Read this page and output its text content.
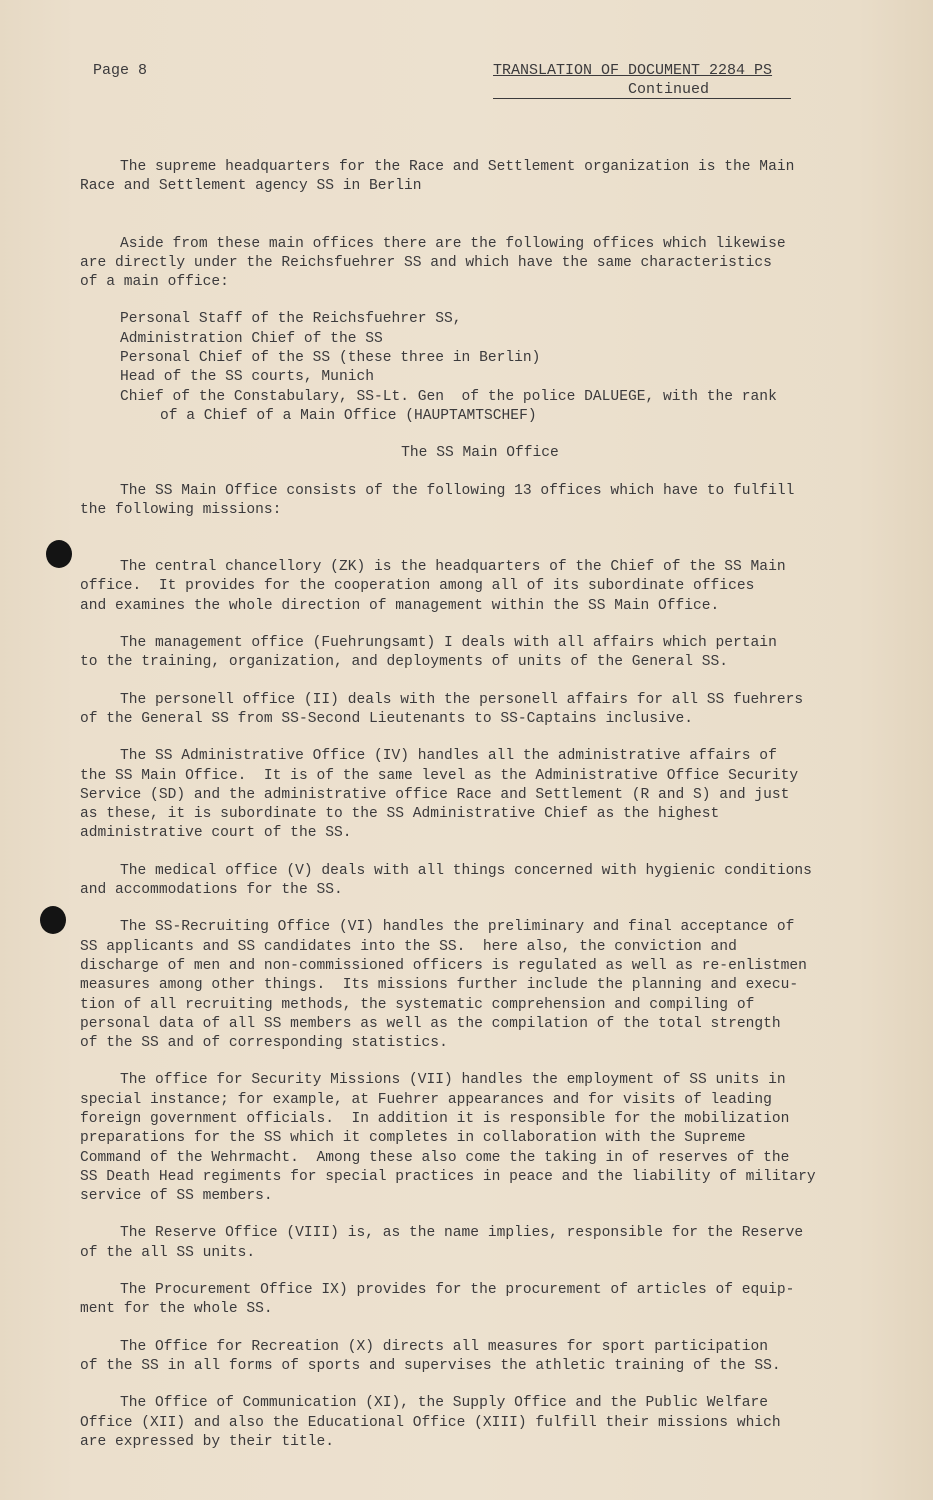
Page 8	TRANSLATION OF DOCUMENT 2284 PS
Continued

The supreme headquarters for the Race and Settlement organization is the Main

Race and Settlement agency SS in Berlin

Aside from these main offices there are the following offices which likewise

are directly under the Reichsfuehrer SS and which have the same characteristics

of a main office:

Personal Staff of the Reichsfuehrer SS,

Administration Chief of the SS

Personal Chief of the SS (these three in Berlin)

Head of the SS courts, Munich

Chief of the Constabulary, SS-Lt. Gen  of the police DALUEGE, with the rank

of a Chief of a Main Office (HAUPTAMTSCHEF)

The SS Main Office

The SS Main Office consists of the following 13 offices which have to fulfill

the following missions:

The central chancellory (ZK) is the headquarters of the Chief of the SS Main

office.  It provides for the cooperation among all of its subordinate offices

and examines the whole direction of management within the SS Main Office.

The management office (Fuehrungsamt) I deals with all affairs which pertain

to the training, organization, and deployments of units of the General SS.

The personell office (II) deals with the personell affairs for all SS fuehrers

of the General SS from SS-Second Lieutenants to SS-Captains inclusive.

The SS Administrative Office (IV) handles all the administrative affairs of

the SS Main Office.  It is of the same level as the Administrative Office Security

Service (SD) and the administrative office Race and Settlement (R and S) and just

as these, it is subordinate to the SS Administrative Chief as the highest

administrative court of the SS.

The medical office (V) deals with all things concerned with hygienic conditions

and accommodations for the SS.

The SS-Recruiting Office (VI) handles the preliminary and final acceptance of

SS applicants and SS candidates into the SS.  here also, the conviction and

discharge of men and non-commissioned officers is regulated as well as re-enlistmen

measures among other things.  Its missions further include the planning and execu-

tion of all recruiting methods, the systematic comprehension and compiling of

personal data of all SS members as well as the compilation of the total strength

of the SS and of corresponding statistics.

The office for Security Missions (VII) handles the employment of SS units in

special instance; for example, at Fuehrer appearances and for visits of leading

foreign government officials.  In addition it is responsible for the mobilization

preparations for the SS which it completes in collaboration with the Supreme

Command of the Wehrmacht.  Among these also come the taking in of reserves of the

SS Death Head regiments for special practices in peace and the liability of military

service of SS members.

The Reserve Office (VIII) is, as the name implies, responsible for the Reserve

of the all SS units.

The Procurement Office IX) provides for the procurement of articles of equip-

ment for the whole SS.

The Office for Recreation (X) directs all measures for sport participation

of the SS in all forms of sports and supervises the athletic training of the SS.

The Office of Communication (XI), the Supply Office and the Public Welfare

Office (XII) and also the Educational Office (XIII) fulfill their missions which

are expressed by their title.
